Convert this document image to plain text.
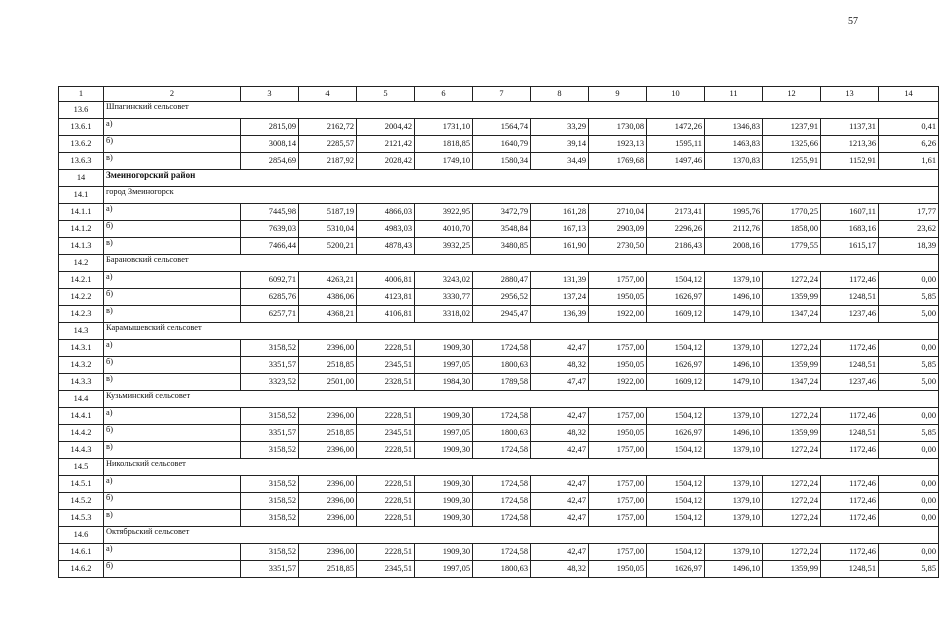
57
1	2	3	4	5	6	7	8	9	10	11	12	13	14
13.6	Шпагинский сельсовет												
13.6.1	а)	2815,09	2162,72	2004,42	1731,10	1564,74	33,29	1730,08	1472,26	1346,83	1237,91	1137,31	0,41
13.6.2	б)	3008,14	2285,57	2121,42	1818,85	1640,79	39,14	1923,13	1595,11	1463,83	1325,66	1213,36	6,26
13.6.3	в)	2854,69	2187,92	2028,42	1749,10	1580,34	34,49	1769,68	1497,46	1370,83	1255,91	1152,91	1,61
14	Змеиногорский район												
14.1	город Змеиногорск												
14.1.1	а)	7445,98	5187,19	4866,03	3922,95	3472,79	161,28	2710,04	2173,41	1995,76	1770,25	1607,11	17,77
14.1.2	б)	7639,03	5310,04	4983,03	4010,70	3548,84	167,13	2903,09	2296,26	2112,76	1858,00	1683,16	23,62
14.1.3	в)	7466,44	5200,21	4878,43	3932,25	3480,85	161,90	2730,50	2186,43	2008,16	1779,55	1615,17	18,39
14.2	Барановский сельсовет												
14.2.1	а)	6092,71	4263,21	4006,81	3243,02	2880,47	131,39	1757,00	1504,12	1379,10	1272,24	1172,46	0,00
14.2.2	б)	6285,76	4386,06	4123,81	3330,77	2956,52	137,24	1950,05	1626,97	1496,10	1359,99	1248,51	5,85
14.2.3	в)	6257,71	4368,21	4106,81	3318,02	2945,47	136,39	1922,00	1609,12	1479,10	1347,24	1237,46	5,00
14.3	Карамышевский сельсовет												
14.3.1	а)	3158,52	2396,00	2228,51	1909,30	1724,58	42,47	1757,00	1504,12	1379,10	1272,24	1172,46	0,00
14.3.2	б)	3351,57	2518,85	2345,51	1997,05	1800,63	48,32	1950,05	1626,97	1496,10	1359,99	1248,51	5,85
14.3.3	в)	3323,52	2501,00	2328,51	1984,30	1789,58	47,47	1922,00	1609,12	1479,10	1347,24	1237,46	5,00
14.4	Кузьминский сельсовет												
14.4.1	а)	3158,52	2396,00	2228,51	1909,30	1724,58	42,47	1757,00	1504,12	1379,10	1272,24	1172,46	0,00
14.4.2	б)	3351,57	2518,85	2345,51	1997,05	1800,63	48,32	1950,05	1626,97	1496,10	1359,99	1248,51	5,85
14.4.3	в)	3158,52	2396,00	2228,51	1909,30	1724,58	42,47	1757,00	1504,12	1379,10	1272,24	1172,46	0,00
14.5	Никольский сельсовет												
14.5.1	а)	3158,52	2396,00	2228,51	1909,30	1724,58	42,47	1757,00	1504,12	1379,10	1272,24	1172,46	0,00
14.5.2	б)	3158,52	2396,00	2228,51	1909,30	1724,58	42,47	1757,00	1504,12	1379,10	1272,24	1172,46	0,00
14.5.3	в)	3158,52	2396,00	2228,51	1909,30	1724,58	42,47	1757,00	1504,12	1379,10	1272,24	1172,46	0,00
14.6	Октябрьский сельсовет												
14.6.1	а)	3158,52	2396,00	2228,51	1909,30	1724,58	42,47	1757,00	1504,12	1379,10	1272,24	1172,46	0,00
14.6.2	б)	3351,57	2518,85	2345,51	1997,05	1800,63	48,32	1950,05	1626,97	1496,10	1359,99	1248,51	5,85
